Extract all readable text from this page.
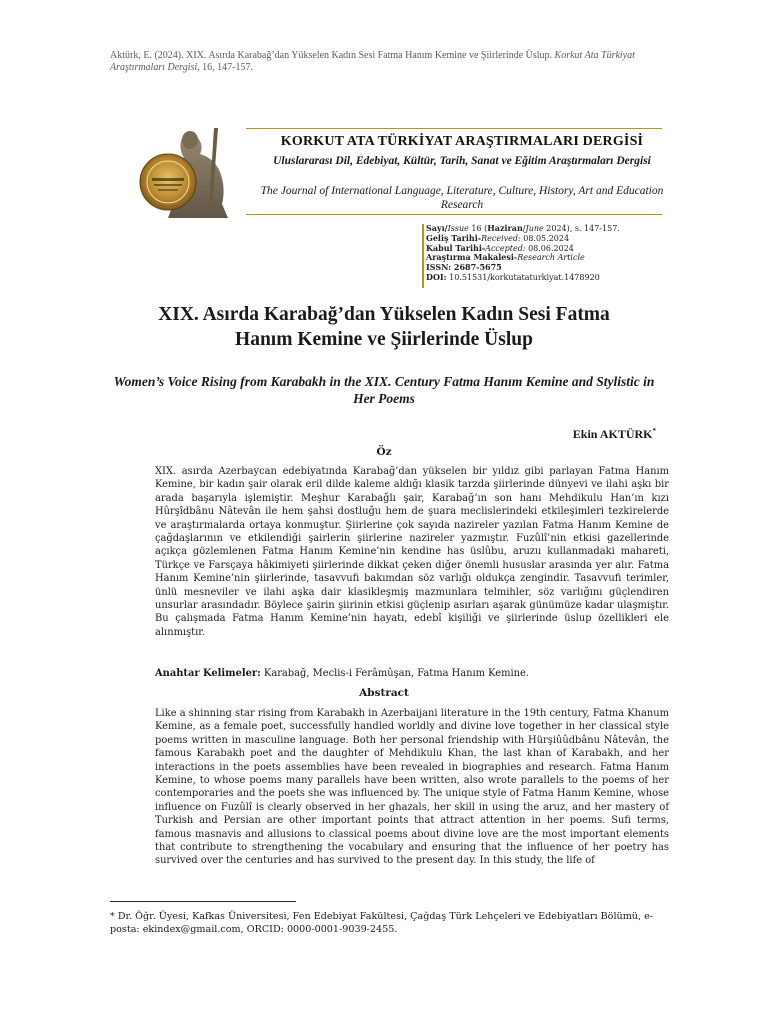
Aktürk, E. (2024). XIX. Asırda Karabağ’dan Yükselen Kadın Sesi Fatma Hanım Kemine ve Şiirlerinde Üslup. Korkut Ata Türkiyat Araştırmaları Dergisi, 16, 147-157.
KORKUT ATA TÜRKİYAT ARAŞTIRMALARI DERGİSİ
Uluslararası Dil, Edebiyat, Kültür, Tarih, Sanat ve Eğitim Araştırmaları Dergisi
The Journal of International Language, Literature, Culture, History, Art and Education Research
Sayı/Issue 16 (Haziran/June 2024), s. 147-157.
Geliş Tarihi-Received: 08.05.2024
Kabul Tarihi-Accepted: 08.06.2024
Araştırma Makalesi-Research Article
ISSN: 2687-5675
DOI: 10.51531/korkutataturkiyat.1478920
XIX. Asırda Karabağ’dan Yükselen Kadın Sesi Fatma Hanım Kemine ve Şiirlerinde Üslup
Women’s Voice Rising from Karabakh in the XIX. Century Fatma Hanım Kemine and Stylistic in Her Poems
Ekin AKTÜRK*
Öz
XIX. asırda Azerbaycan edebiyatında Karabağ’dan yükselen bir yıldız gibi parlayan Fatma Hanım Kemine, bir kadın şair olarak eril dilde kaleme aldığı klasik tarzda şiirlerinde dünyevi ve ilahi aşkı bir arada başarıyla işlemiştir. Meşhur Karabağlı şair, Karabağ’ın son hanı Mehdikulu Han’ın kızı Hûrşîdbânu Nâtevân ile hem şahsi dostluğu hem de şuara meclislerindeki etkileşimleri tezkirelerde ve araştırmalarda ortaya konmuştur. Şiirlerine çok sayıda nazireler yazılan Fatma Hanım Kemine de çağdaşlarının ve etkilendiği şairlerin şiirlerine nazireler yazmıştır. Fuzûlî’nin etkisi gazellerinde açıkça gözlemlenen Fatma Hanım Kemine’nin kendine has üslûbu, aruzu kullanmadaki mahareti, Türkçe ve Farsçaya hâkimiyeti şiirlerinde dikkat çeken diğer önemli hususlar arasında yer alır. Fatma Hanım Kemine’nin şiirlerinde, tasavvufi bakımdan söz varlığı oldukça zengindir. Tasavvufi terimler, ünlü mesneviler ve ilahi aşka dair klasikleşmiş mazmunlara telmihler, söz varlığını güçlendiren unsurlar arasındadır. Böylece şairin şiirinin etkisi güçlenip asırları aşarak günümüze kadar ulaşmıştır. Bu çalışmada Fatma Hanım Kemine’nin hayatı, edebî kişiliği ve şiirlerinde üslup özellikleri ele alınmıştır.
Anahtar Kelimeler: Karabağ, Meclis-i Ferâmûşan, Fatma Hanım Kemine.
Abstract
Like a shinning star rising from Karabakh in Azerbaijani literature in the 19th century, Fatma Khanum Kemine, as a female poet, successfully handled worldly and divine love together in her classical style poems written in masculine language. Both her personal friendship with Hürşiûûdbânu Nâtevân, the famous Karabakh poet and the daughter of Mehdikulu Khan, the last khan of Karabakh, and her interactions in the poets assemblies have been revealed in biographies and research. Fatma Hanım Kemine, to whose poems many parallels have been written, also wrote parallels to the poems of her contemporaries and the poets she was influenced by. The unique style of Fatma Hanım Kemine, whose influence on Fuzûlî is clearly observed in her ghazals, her skill in using the aruz, and her mastery of Turkish and Persian are other important points that attract attention in her poems. Sufi terms, famous masnavis and allusions to classical poems about divine love are the most important elements that contribute to strengthening the vocabulary and ensuring that the influence of her poetry has survived over the centuries and has survived to the present day. In this study, the life of
* Dr. Öğr. Üyesi, Kafkas Üniversitesi, Fen Edebiyat Fakültesi, Çağdaş Türk Lehçeleri ve Edebiyatları Bölümü, e-posta: ekindex@gmail.com, ORCID: 0000-0001-9039-2455.
